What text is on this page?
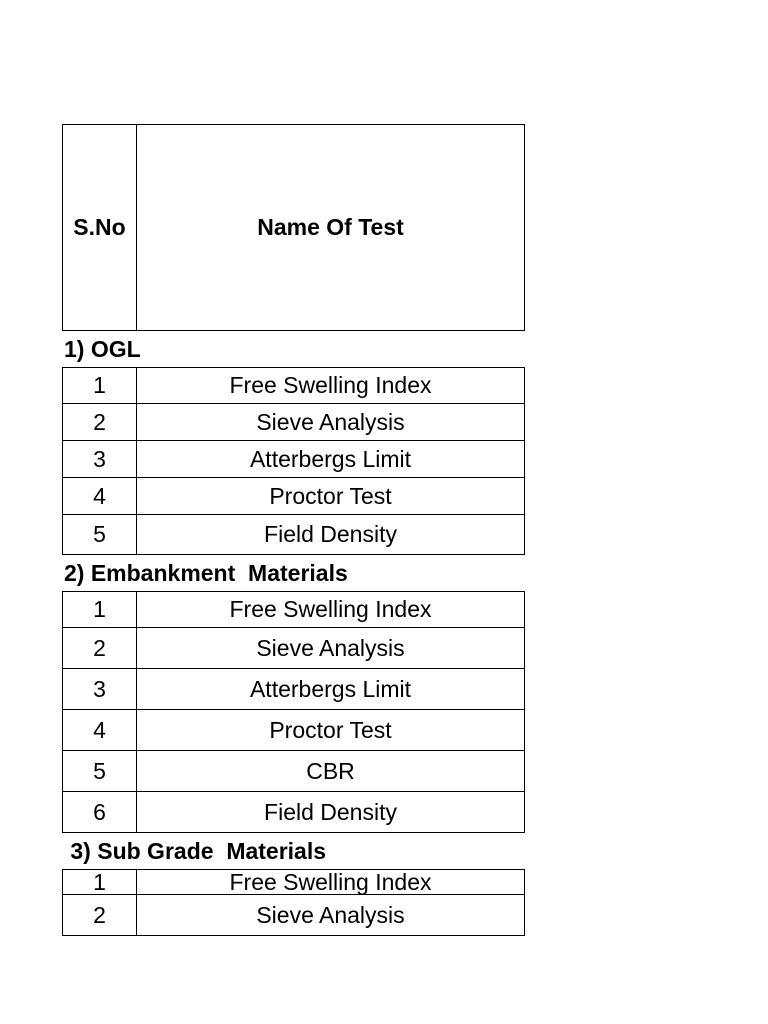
S.No	Name Of Test
1) OGL
1	Free Swelling Index
2	Sieve Analysis
3	Atterbergs Limit
4	Proctor Test
5	Field Density
2) Embankment  Materials
1	Free Swelling Index
2	Sieve Analysis
3	Atterbergs Limit
4	Proctor Test
5	CBR
6	Field Density
3) Sub Grade  Materials
1	Free Swelling Index
2	Sieve Analysis
